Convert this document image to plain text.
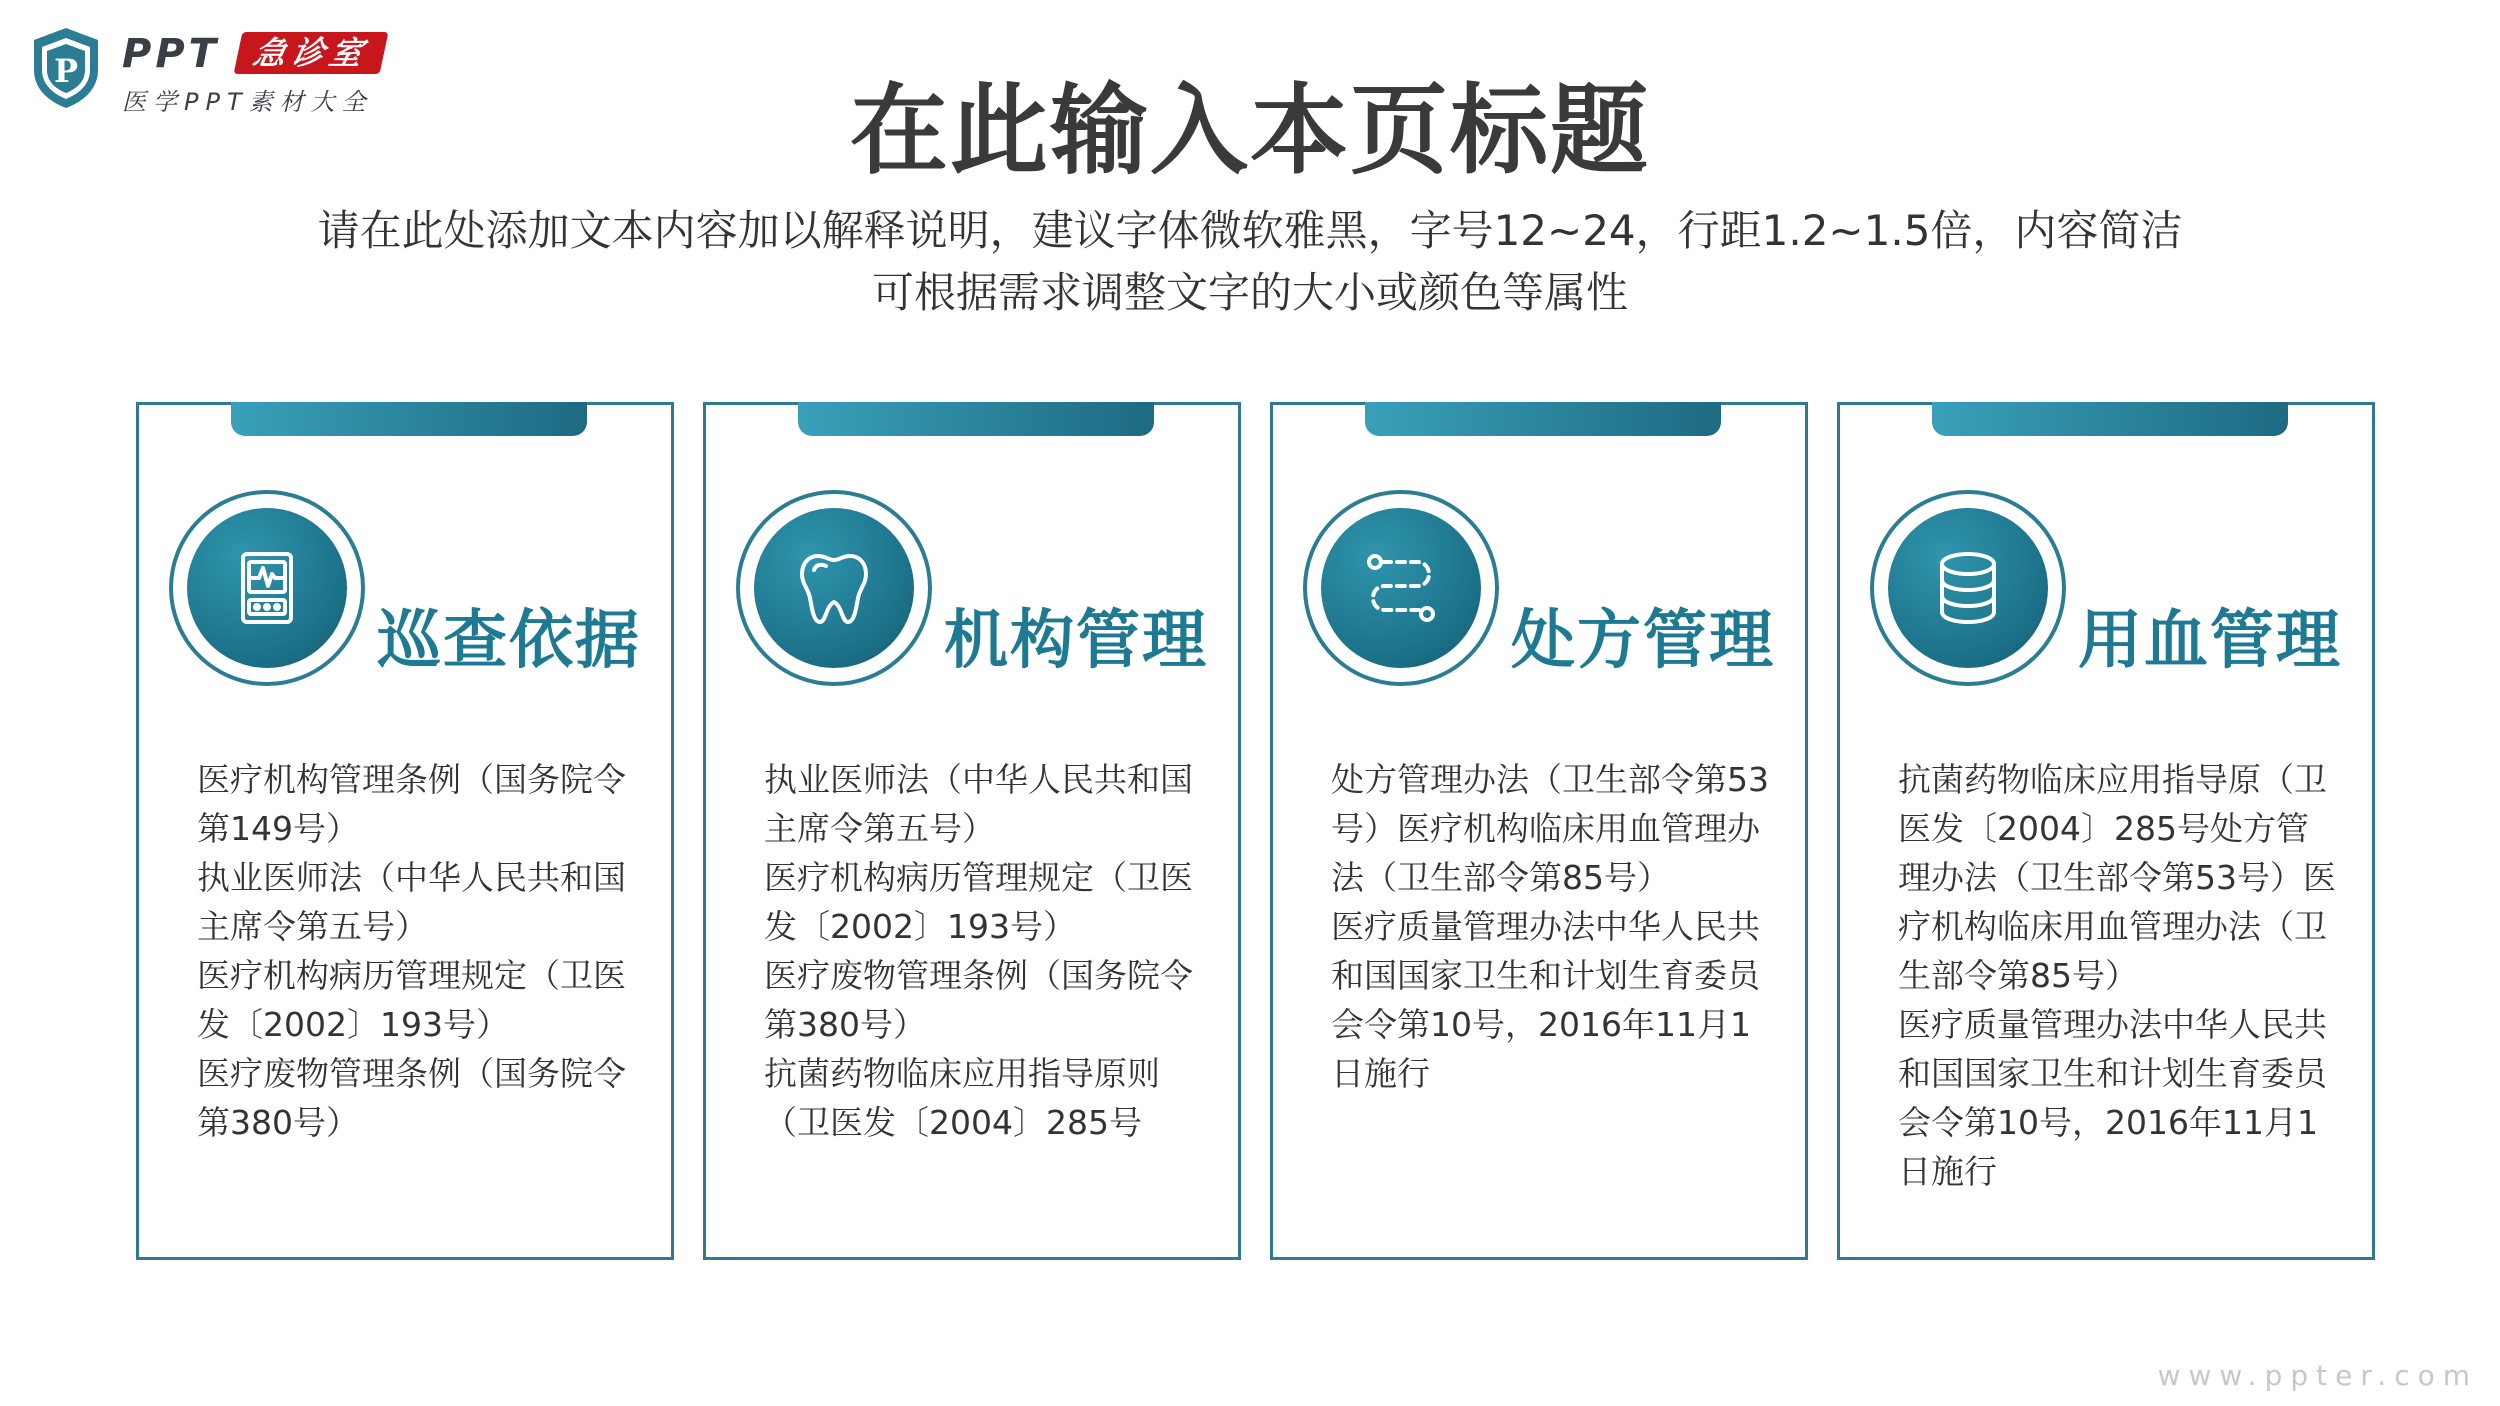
P PPT 急诊室
医学PPT素材大全	在此输入本页标题
请在此处添加文本内容加以解释说明，建议字体微软雅黑，字号12~24，行距1.2~1.5倍，内容简洁
可根据需求调整文字的大小或颜色等属性
巡查依据

医疗机构管理条例（国务院令第149号）

执业医师法（中华人民共和国主席令第五号）

医疗机构病历管理规定（卫医发〔2002〕193号）

医疗废物管理条例（国务院令第380号）

机构管理

执业医师法（中华人民共和国主席令第五号）

医疗机构病历管理规定（卫医发〔2002〕193号）

医疗废物管理条例（国务院令第380号）

抗菌药物临床应用指导原则（卫医发〔2004〕285号

处方管理

处方管理办法（卫生部令第53号）医疗机构临床用血管理办法（卫生部令第85号）

医疗质量管理办法中华人民共和国国家卫生和计划生育委员会令第10号，2016年11月1日施行

用血管理

抗菌药物临床应用指导原（卫医发〔2004〕285号处方管理办法（卫生部令第53号）医疗机构临床用血管理办法（卫生部令第85号）

医疗质量管理办法中华人民共和国国家卫生和计划生育委员会令第10号，2016年11月1日施行

www.ppter.com
